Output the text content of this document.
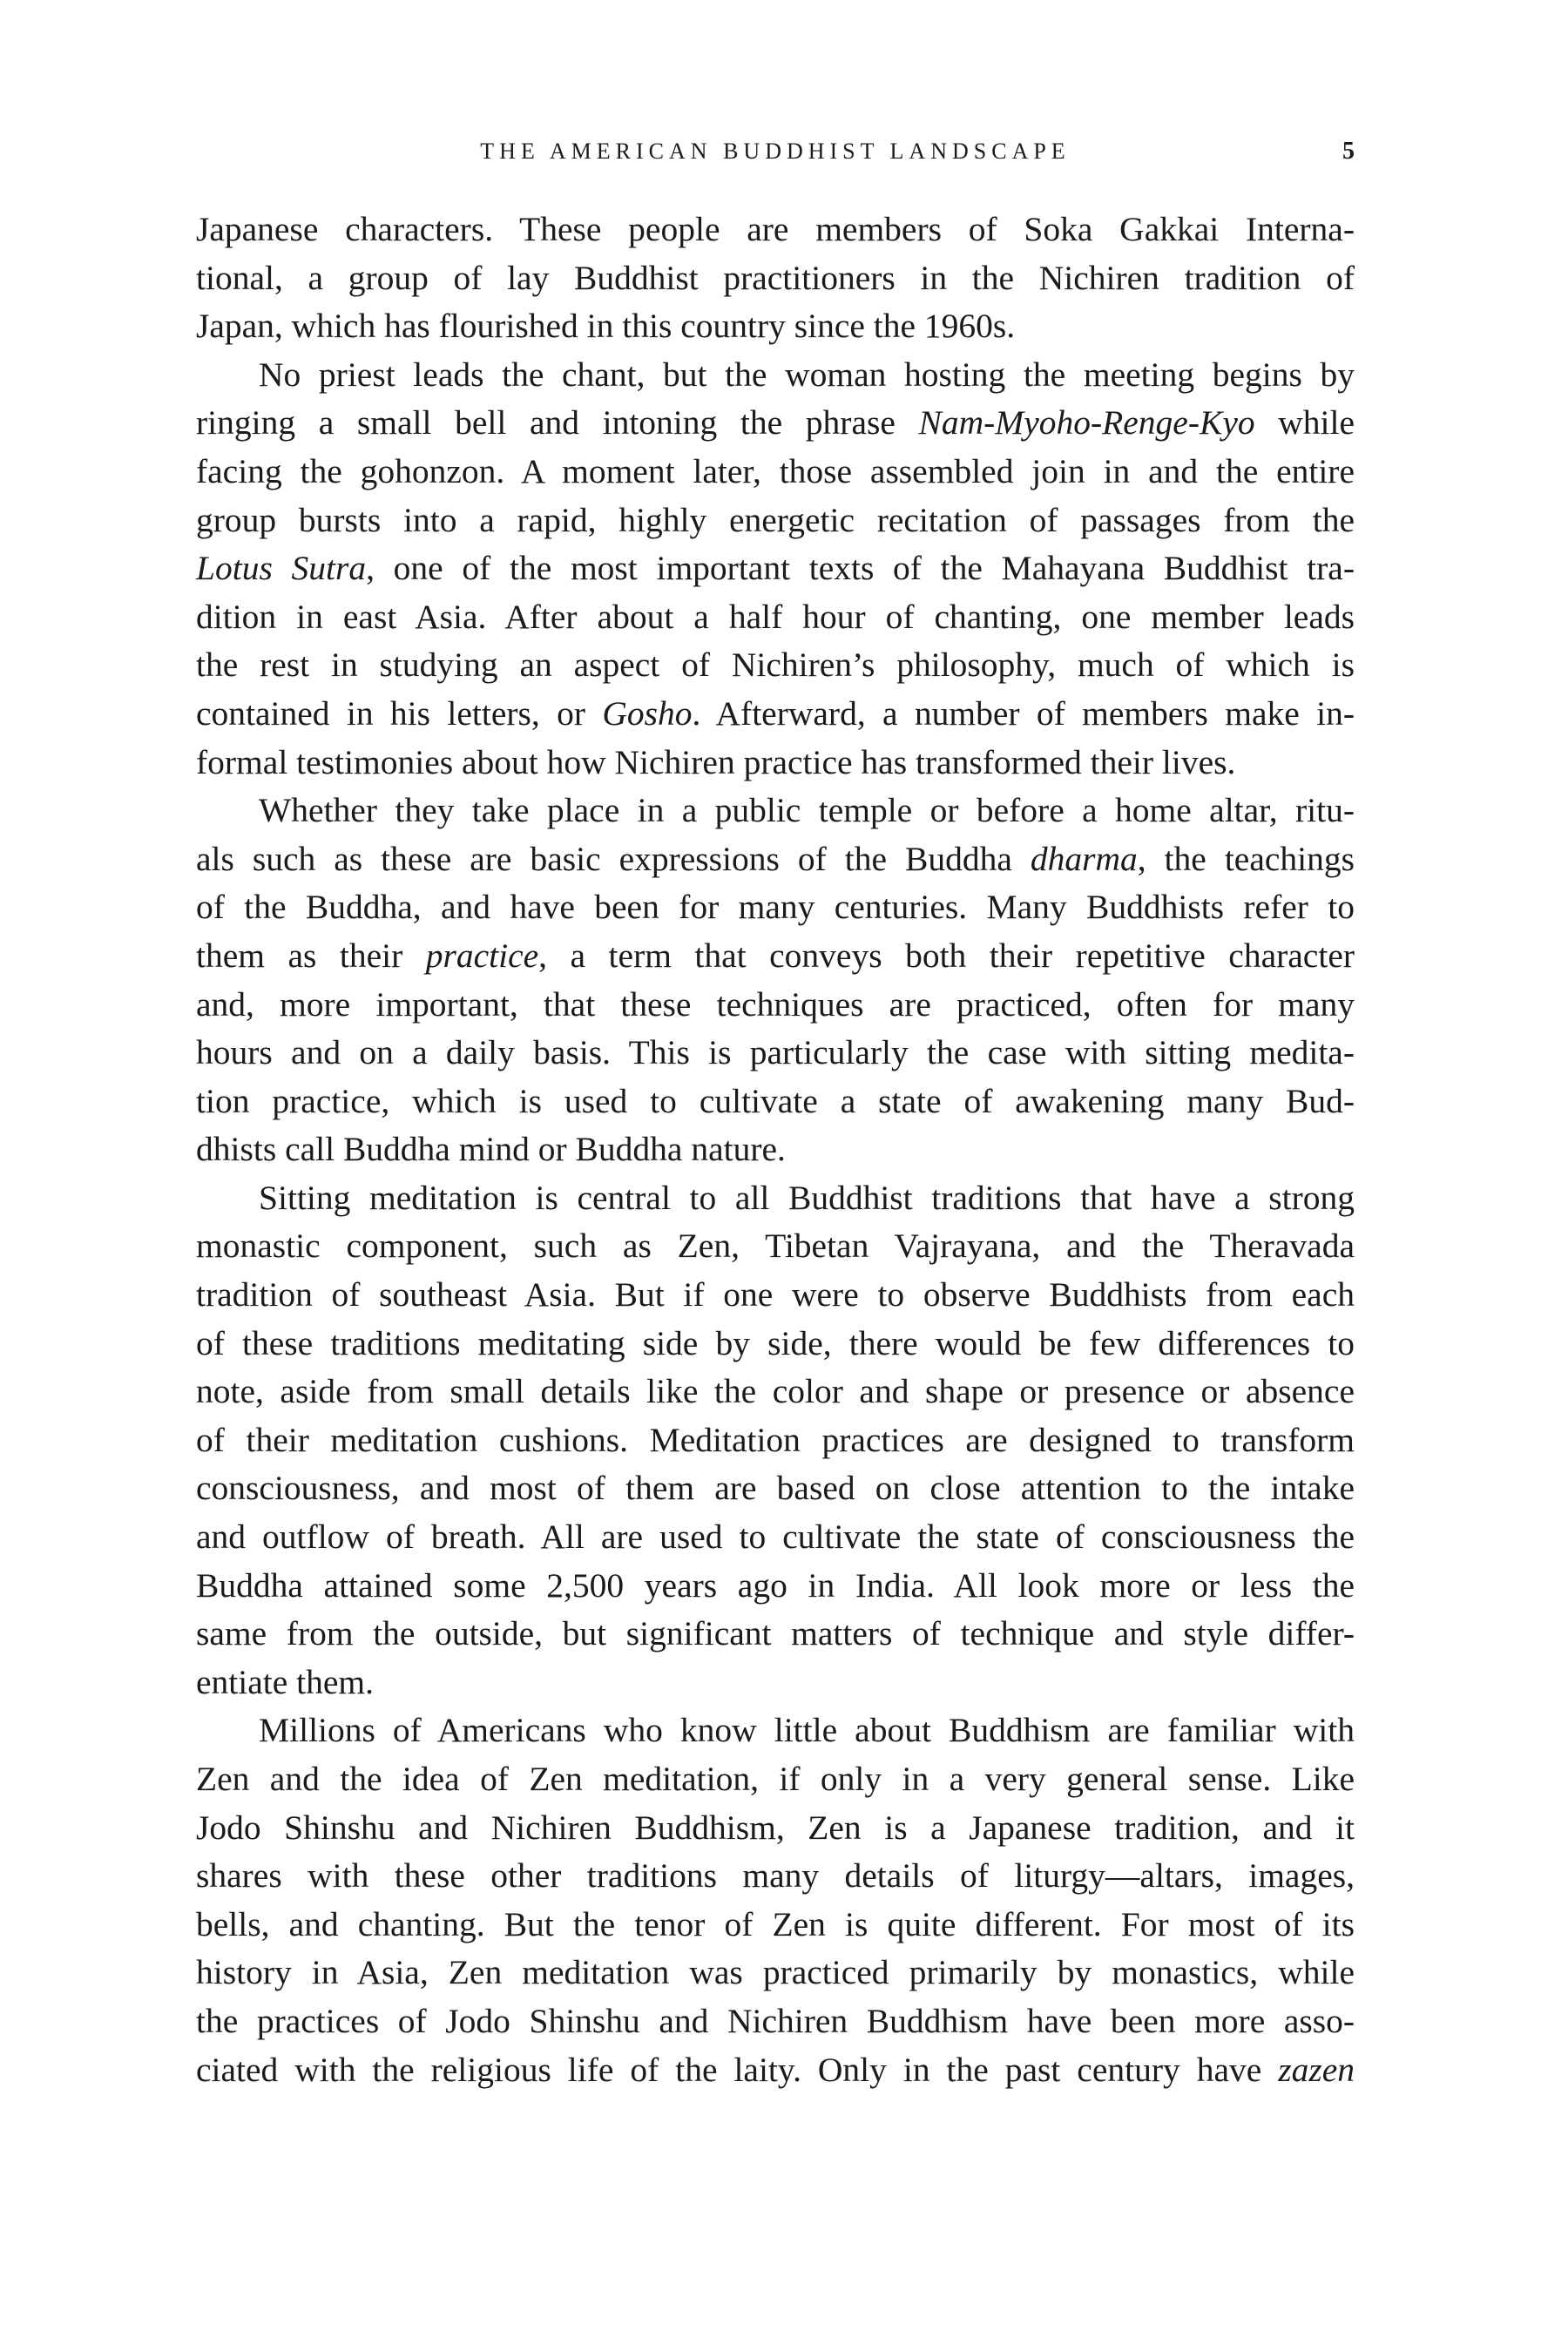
THE AMERICAN BUDDHIST LANDSCAPE	5
Japanese characters. These people are members of Soka Gakkai Interna-
tional, a group of lay Buddhist practitioners in the Nichiren tradition of
Japan, which has flourished in this country since the 1960s.
No priest leads the chant, but the woman hosting the meeting begins by
ringing a small bell and intoning the phrase Nam-Myoho-Renge-Kyo while
facing the gohonzon. A moment later, those assembled join in and the entire
group bursts into a rapid, highly energetic recitation of passages from the
Lotus Sutra, one of the most important texts of the Mahayana Buddhist tra-
dition in east Asia. After about a half hour of chanting, one member leads
the rest in studying an aspect of Nichiren’s philosophy, much of which is
contained in his letters, or Gosho. Afterward, a number of members make in-
formal testimonies about how Nichiren practice has transformed their lives.
Whether they take place in a public temple or before a home altar, ritu-
als such as these are basic expressions of the Buddha dharma, the teachings
of the Buddha, and have been for many centuries. Many Buddhists refer to
them as their practice, a term that conveys both their repetitive character
and, more important, that these techniques are practiced, often for many
hours and on a daily basis. This is particularly the case with sitting medita-
tion practice, which is used to cultivate a state of awakening many Bud-
dhists call Buddha mind or Buddha nature.
Sitting meditation is central to all Buddhist traditions that have a strong
monastic component, such as Zen, Tibetan Vajrayana, and the Theravada
tradition of southeast Asia. But if one were to observe Buddhists from each
of these traditions meditating side by side, there would be few differences to
note, aside from small details like the color and shape or presence or absence
of their meditation cushions. Meditation practices are designed to transform
consciousness, and most of them are based on close attention to the intake
and outflow of breath. All are used to cultivate the state of consciousness the
Buddha attained some 2,500 years ago in India. All look more or less the
same from the outside, but significant matters of technique and style differ-
entiate them.
Millions of Americans who know little about Buddhism are familiar with
Zen and the idea of Zen meditation, if only in a very general sense. Like
Jodo Shinshu and Nichiren Buddhism, Zen is a Japanese tradition, and it
shares with these other traditions many details of liturgy—altars, images,
bells, and chanting. But the tenor of Zen is quite different. For most of its
history in Asia, Zen meditation was practiced primarily by monastics, while
the practices of Jodo Shinshu and Nichiren Buddhism have been more asso-
ciated with the religious life of the laity. Only in the past century have zazen
